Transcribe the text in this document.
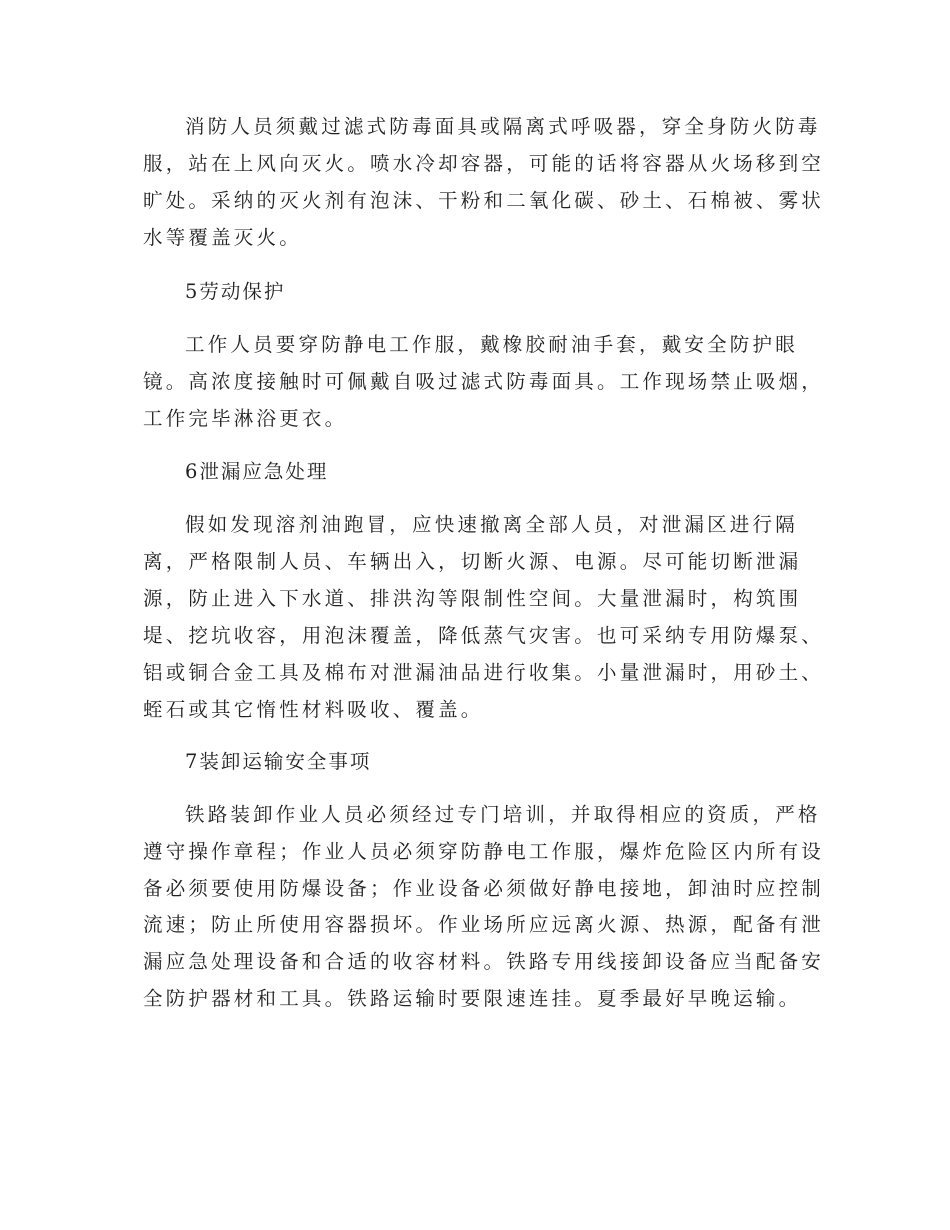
消防人员须戴过滤式防毒面具或隔离式呼吸器，穿全身防火防毒
服，站在上风向灭火。喷水冷却容器，可能的话将容器从火场移到空
旷处。采纳的灭火剂有泡沫、干粉和二氧化碳、砂土、石棉被、雾状
水等覆盖灭火。
5劳动保护
工作人员要穿防静电工作服，戴橡胶耐油手套，戴安全防护眼
镜。高浓度接触时可佩戴自吸过滤式防毒面具。工作现场禁止吸烟，
工作完毕淋浴更衣。
6泄漏应急处理
假如发现溶剂油跑冒，应快速撤离全部人员，对泄漏区进行隔
离，严格限制人员、车辆出入，切断火源、电源。尽可能切断泄漏
源，防止进入下水道、排洪沟等限制性空间。大量泄漏时，构筑围
堤、挖坑收容，用泡沫覆盖，降低蒸气灾害。也可采纳专用防爆泵、
铝或铜合金工具及棉布对泄漏油品进行收集。小量泄漏时，用砂土、
蛭石或其它惰性材料吸收、覆盖。
7装卸运输安全事项
铁路装卸作业人员必须经过专门培训，并取得相应的资质，严格
遵守操作章程；作业人员必须穿防静电工作服，爆炸危险区内所有设
备必须要使用防爆设备；作业设备必须做好静电接地，卸油时应控制
流速；防止所使用容器损坏。作业场所应远离火源、热源，配备有泄
漏应急处理设备和合适的收容材料。铁路专用线接卸设备应当配备安
全防护器材和工具。铁路运输时要限速连挂。夏季最好早晚运输。
